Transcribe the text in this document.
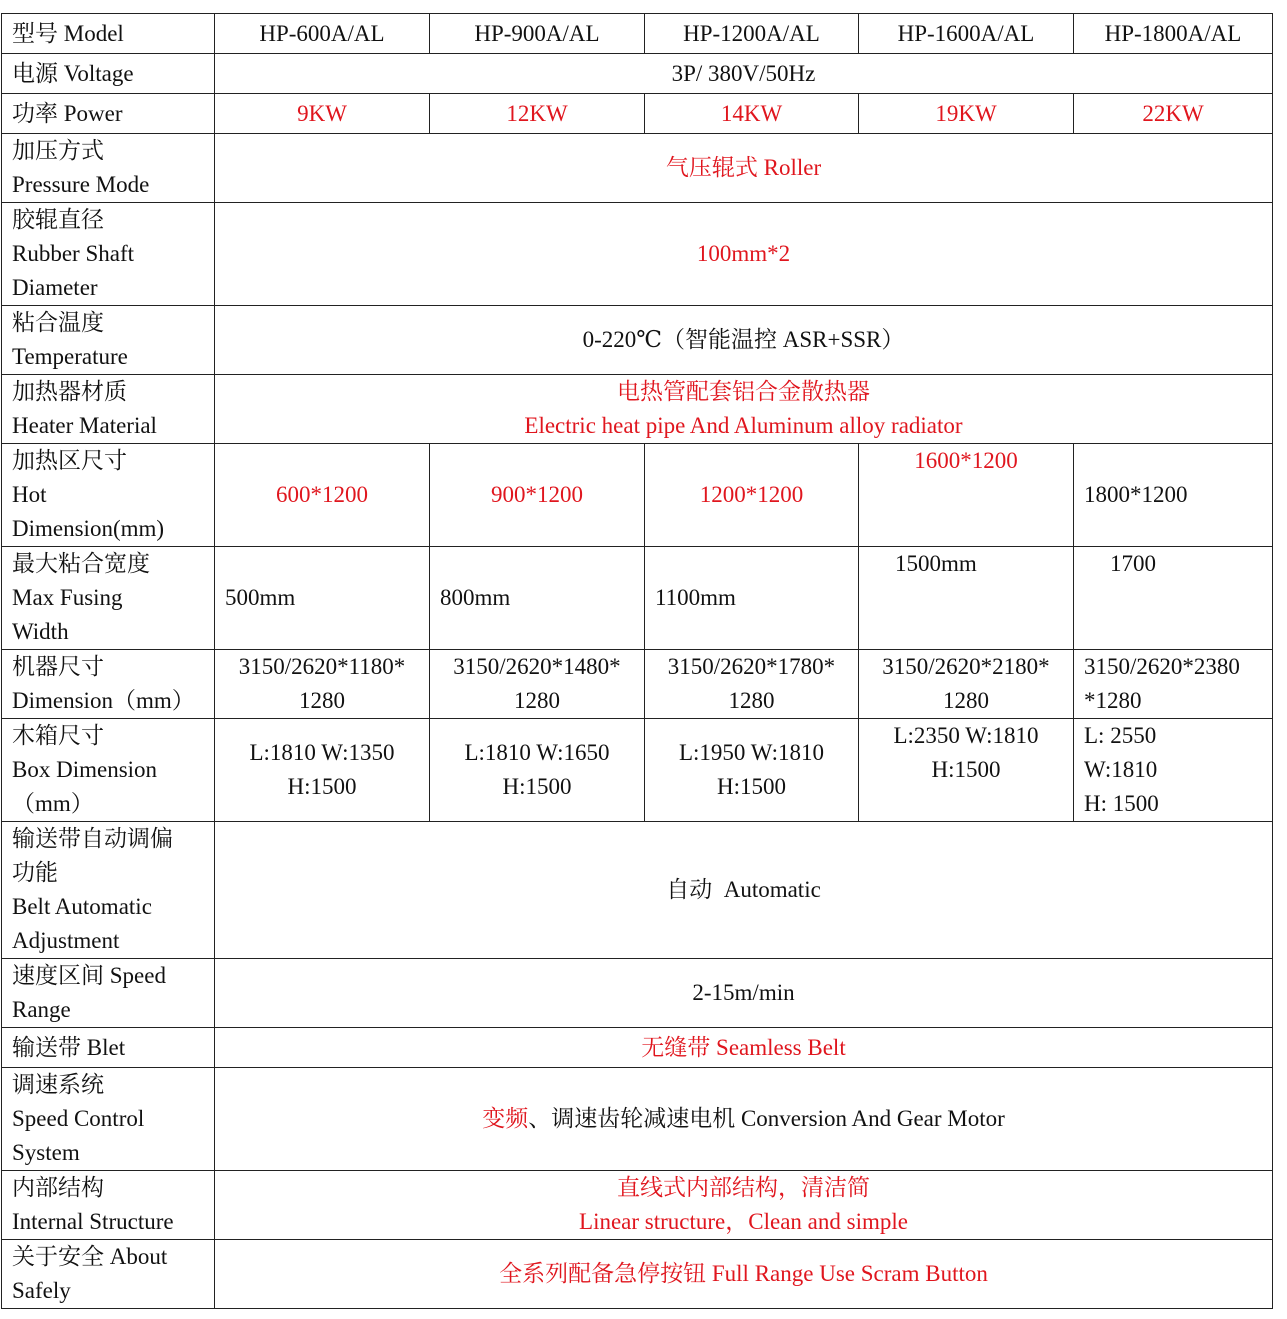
型号 Model	HP-600A/AL	HP-900A/AL	HP-1200A/AL	HP-1600A/AL	HP-1800A/AL
电源 Voltage	3P/ 380V/50Hz				
功率 Power	9KW	12KW	14KW	19KW	22KW

加压方式
Pressure Mode	气压辊式 Roller				

胶辊直径
Rubber Shaft
Diameter	100mm*2				

粘合温度
Temperature	0-220℃（智能温控 ASR+SSR）				

加热器材质
Heater Material	电热管配套铝合金散热器
Electric heat pipe And Aluminum alloy radiator				

加热区尺寸
Hot
Dimension(mm)	600*1200	900*1200	1200*1200	1600*1200	1800*1200

最大粘合宽度
Max Fusing
Width	500mm	800mm	1100mm	1500mm	1700

机器尺寸
Dimension（mm）	3150/2620*1180*
1280	3150/2620*1480*
1280	3150/2620*1780*
1280	3150/2620*2180*
1280	3150/2620*2380
*1280

木箱尺寸
Box Dimension
（mm）	L:1810 W:1350
H:1500	L:1810 W:1650
H:1500	L:1950 W:1810
H:1500	L:2350 W:1810
H:1500	L: 2550
W:1810
H: 1500

输送带自动调偏
功能
Belt Automatic
Adjustment	自动  Automatic				

速度区间 Speed
Range	2-15m/min				
输送带 Blet	无缝带 Seamless Belt				

调速系统
Speed Control
System	变频、调速齿轮减速电机 Conversion And Gear Motor				

内部结构
Internal Structure	直线式内部结构，清洁简
Linear structure，Clean and simple				

关于安全 About
Safely	全系列配备急停按钮 Full Range Use Scram Button				
